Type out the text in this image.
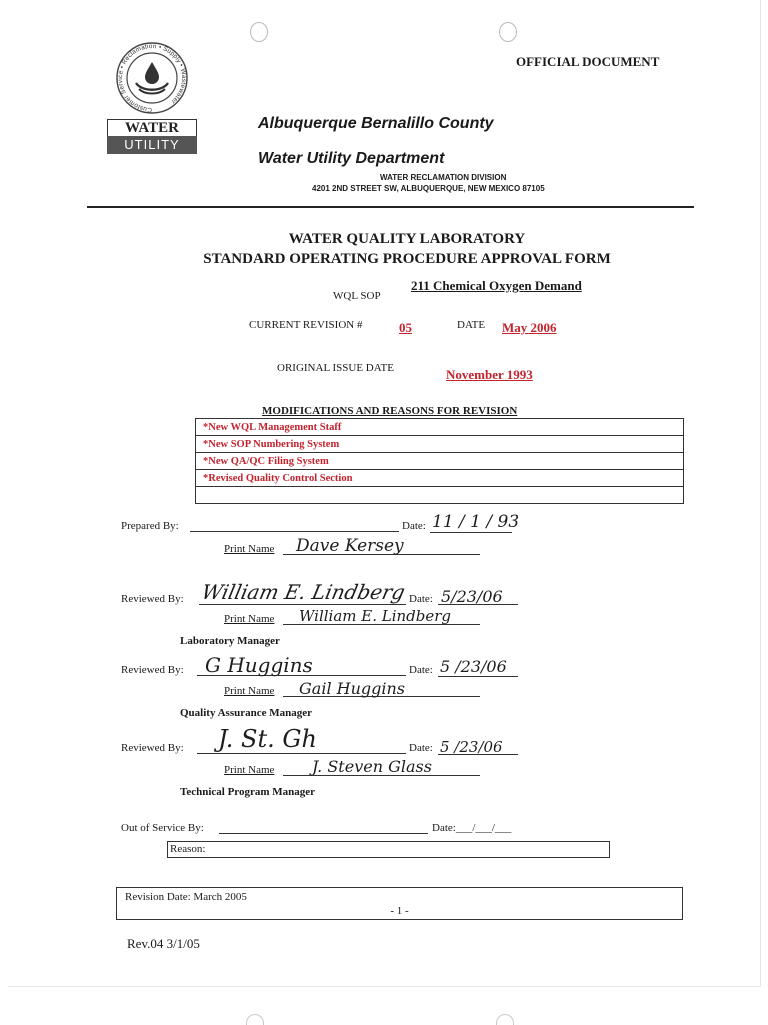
Customer Service • Reclamation • Supply • Wastewater
WATER
UTILITY
OFFICIAL DOCUMENT
Albuquerque Bernalillo County
Water Utility Department
WATER RECLAMATION DIVISION
4201 2ND STREET SW, ALBUQUERQUE, NEW MEXICO 87105
WATER QUALITY LABORATORY
STANDARD OPERATING PROCEDURE APPROVAL FORM
WQL SOP
211 Chemical Oxygen Demand
CURRENT REVISION #	05	DATE May 2006
ORIGINAL ISSUE DATE	November 1993
MODIFICATIONS AND REASONS FOR REVISION
*New WQL Management Staff
*New SOP Numbering System
*New QA/QC Filing System
*Revised Quality Control Section

Prepared By:	Date: 11 / 1 / 93
Print Name Dave Kersey
Reviewed By: William E. Lindberg Date: 5/23/06
Print Name William E. Lindberg
Laboratory Manager
Reviewed By: G Huggins	Date: 5 /23/06
Print Name Gail Huggins
Quality Assurance Manager
Reviewed By: J. St. Gh	Date: 5 /23/06
Print Name J. Steven Glass
Technical Program Manager
Out of Service By:	Date:___/___/___
Reason:
Revision Date: March 2005
- 1 -
Rev.04 3/1/05
